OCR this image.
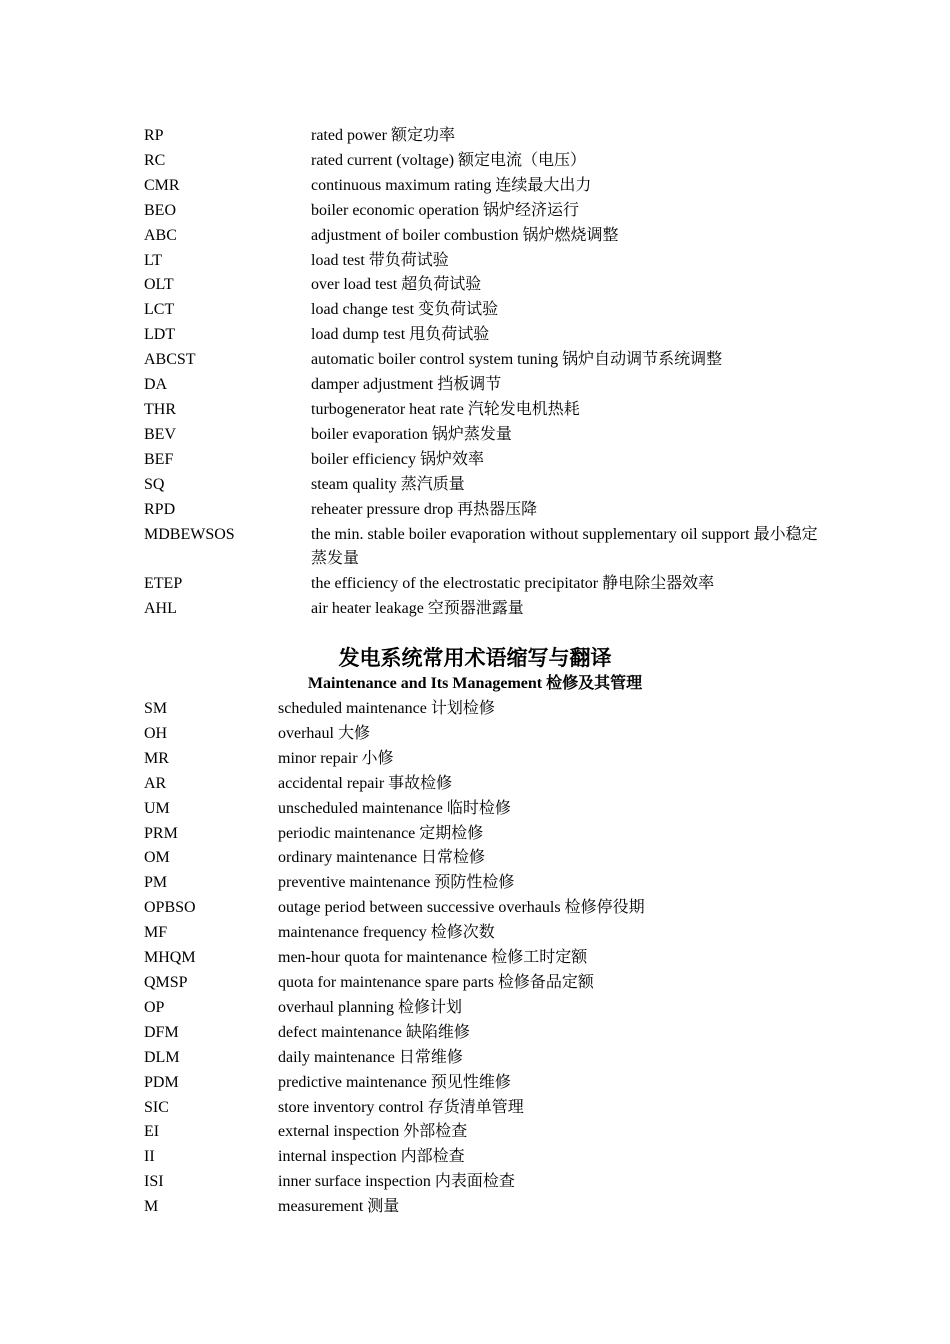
RP	rated power 额定功率
RC	rated current (voltage) 额定电流（电压）
CMR	continuous maximum rating 连续最大出力
BEO	boiler economic operation 锅炉经济运行
ABC	adjustment of boiler combustion 锅炉燃烧调整
LT	load test 带负荷试验
OLT	over load test 超负荷试验
LCT	load change test 变负荷试验
LDT	load dump test 甩负荷试验
ABCST	automatic boiler control system tuning 锅炉自动调节系统调整
DA	damper adjustment 挡板调节
THR	turbogenerator heat rate 汽轮发电机热耗
BEV	boiler evaporation 锅炉蒸发量
BEF	boiler efficiency 锅炉效率
SQ	steam quality 蒸汽质量
RPD	reheater pressure drop 再热器压降
MDBEWSOS	the min. stable boiler evaporation without supplementary oil support 最小稳定蒸发量
ETEP	the efficiency of the electrostatic precipitator 静电除尘器效率
AHL	air heater leakage 空预器泄露量
发电系统常用术语缩写与翻译
Maintenance and Its Management 检修及其管理
SM	scheduled maintenance 计划检修
OH	overhaul 大修
MR	minor repair 小修
AR	accidental repair 事故检修
UM	unscheduled maintenance 临时检修
PRM	periodic maintenance 定期检修
OM	ordinary maintenance 日常检修
PM	preventive maintenance 预防性检修
OPBSO	outage period between successive overhauls 检修停役期
MF	maintenance frequency 检修次数
MHQM	men-hour quota for maintenance 检修工时定额
QMSP	quota for maintenance spare parts 检修备品定额
OP	overhaul planning 检修计划
DFM	defect maintenance 缺陷维修
DLM	daily maintenance 日常维修
PDM	predictive maintenance 预见性维修
SIC	store inventory control 存货清单管理
EI	external inspection 外部检查
II	internal inspection 内部检查
ISI	inner surface inspection 内表面检查
M	measurement 测量
